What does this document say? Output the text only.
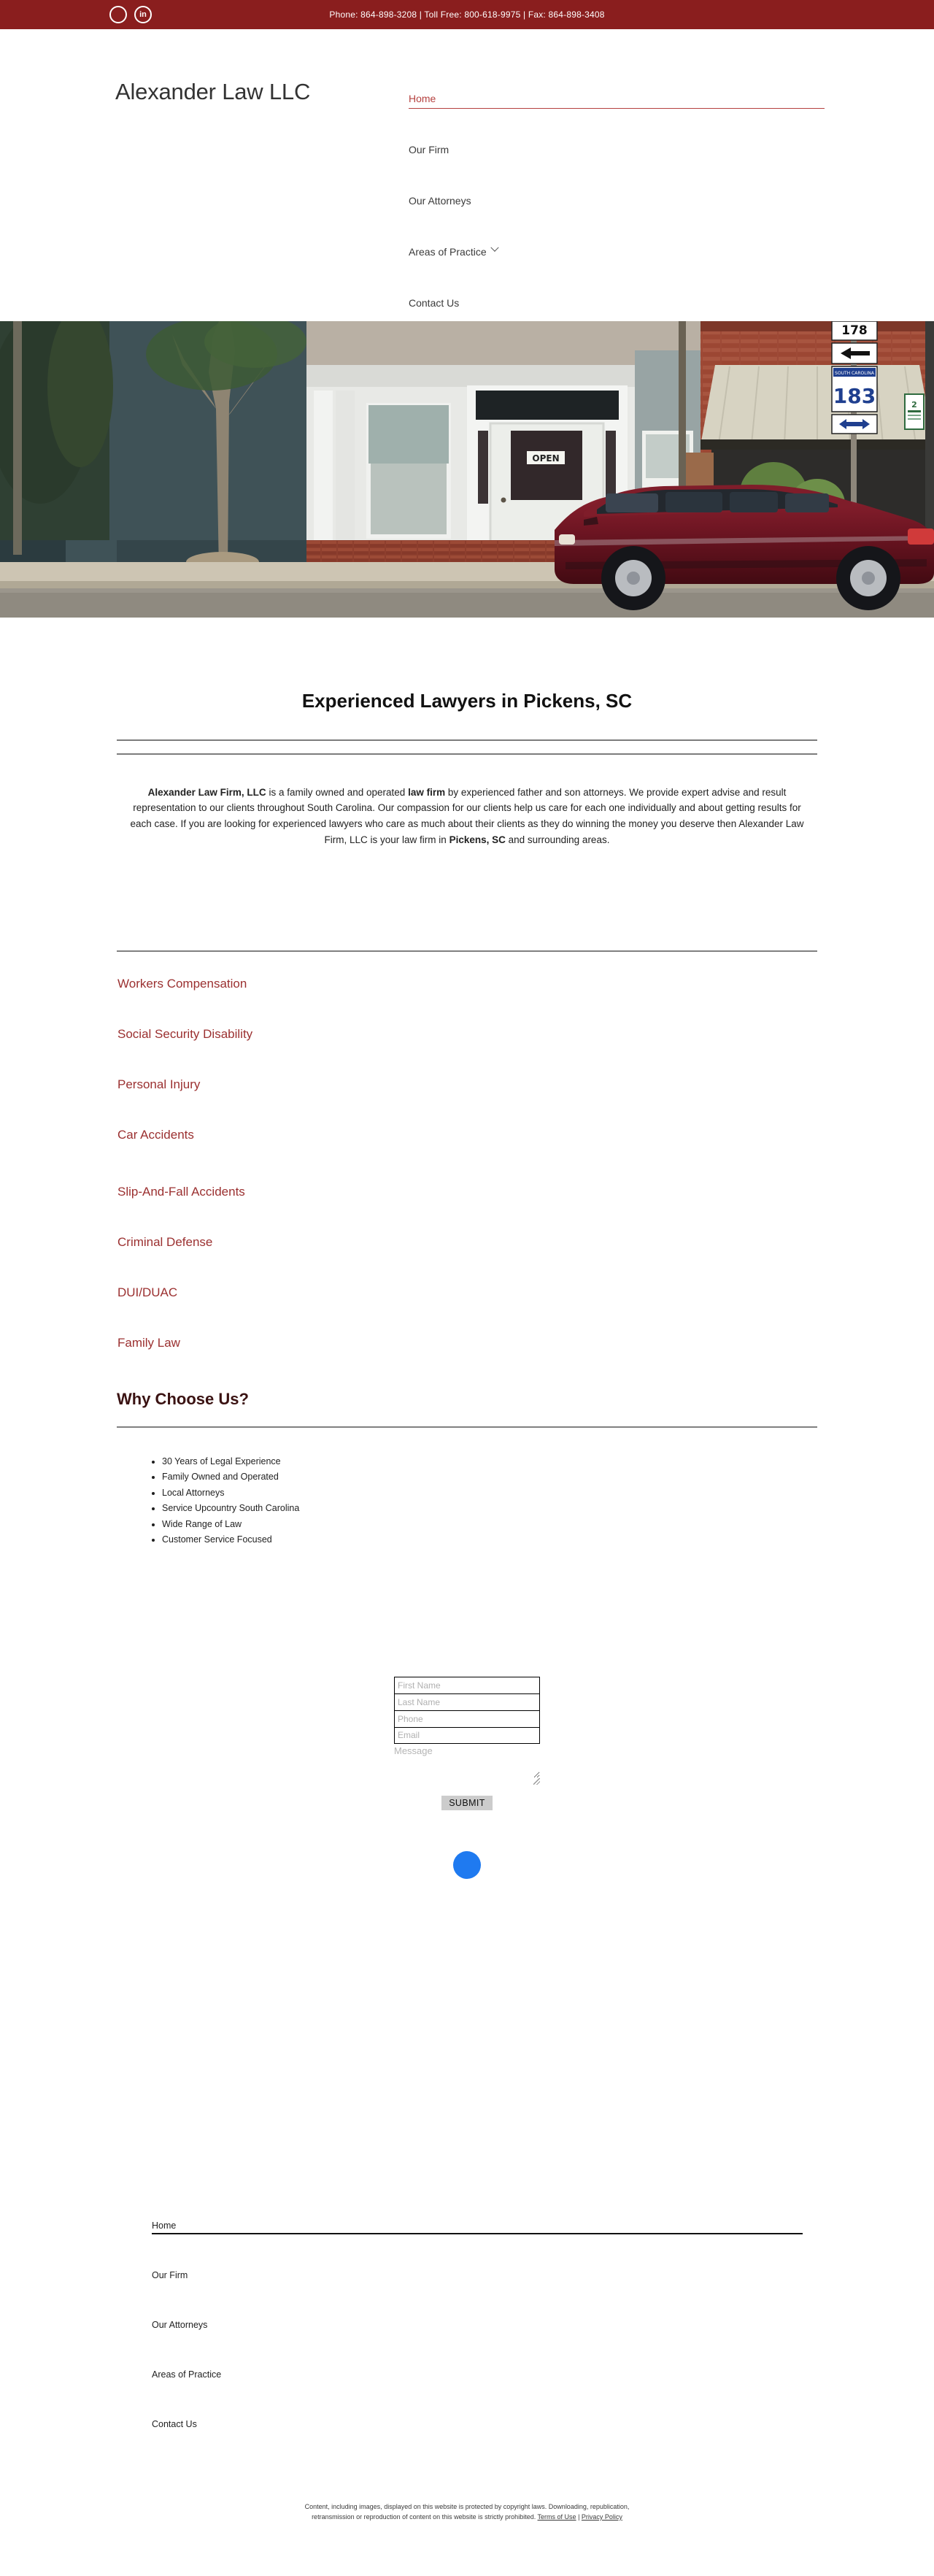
in	Phone: 864-898-3208 | Toll Free: 800-618-9975 | Fax: 864-898-3408
Alexander Law LLC	Home
Our Firm
Our Attorneys
Areas of Practice
Contact Us
OPEN
178
SOUTH CAROLINA
183	2
Experienced Lawyers in Pickens, SC

Alexander Law Firm, LLC is a family owned and operated law firm by experienced father and son attorneys. We provide expert advise and result representation to our clients throughout South Carolina. Our compassion for our clients help us care for each one individually and about getting results for each case. If you are looking for experienced lawyers who care as much about their clients as they do winning the money you deserve then Alexander Law Firm, LLC is your law firm in Pickens, SC and surrounding areas.

Workers Compensation
Social Security Disability
Personal Injury
Car Accidents
Slip-And-Fall Accidents
Criminal Defense
DUI/DUAC
Family Law
Why Choose Us?
• 30 Years of Legal Experience
• Family Owned and Operated
• Local Attorneys
• Service Upcountry South Carolina
• Wide Range of Law
• Customer Service Focused
First Name
Last Name
Phone
Email
Message
SUBMIT
Home
Our Firm
Our Attorneys
Areas of Practice
Contact Us
Content, including images, displayed on this website is protected by copyright laws. Downloading, republication,
retransmission or reproduction of content on this website is strictly prohibited. Terms of Use | Privacy Policy
